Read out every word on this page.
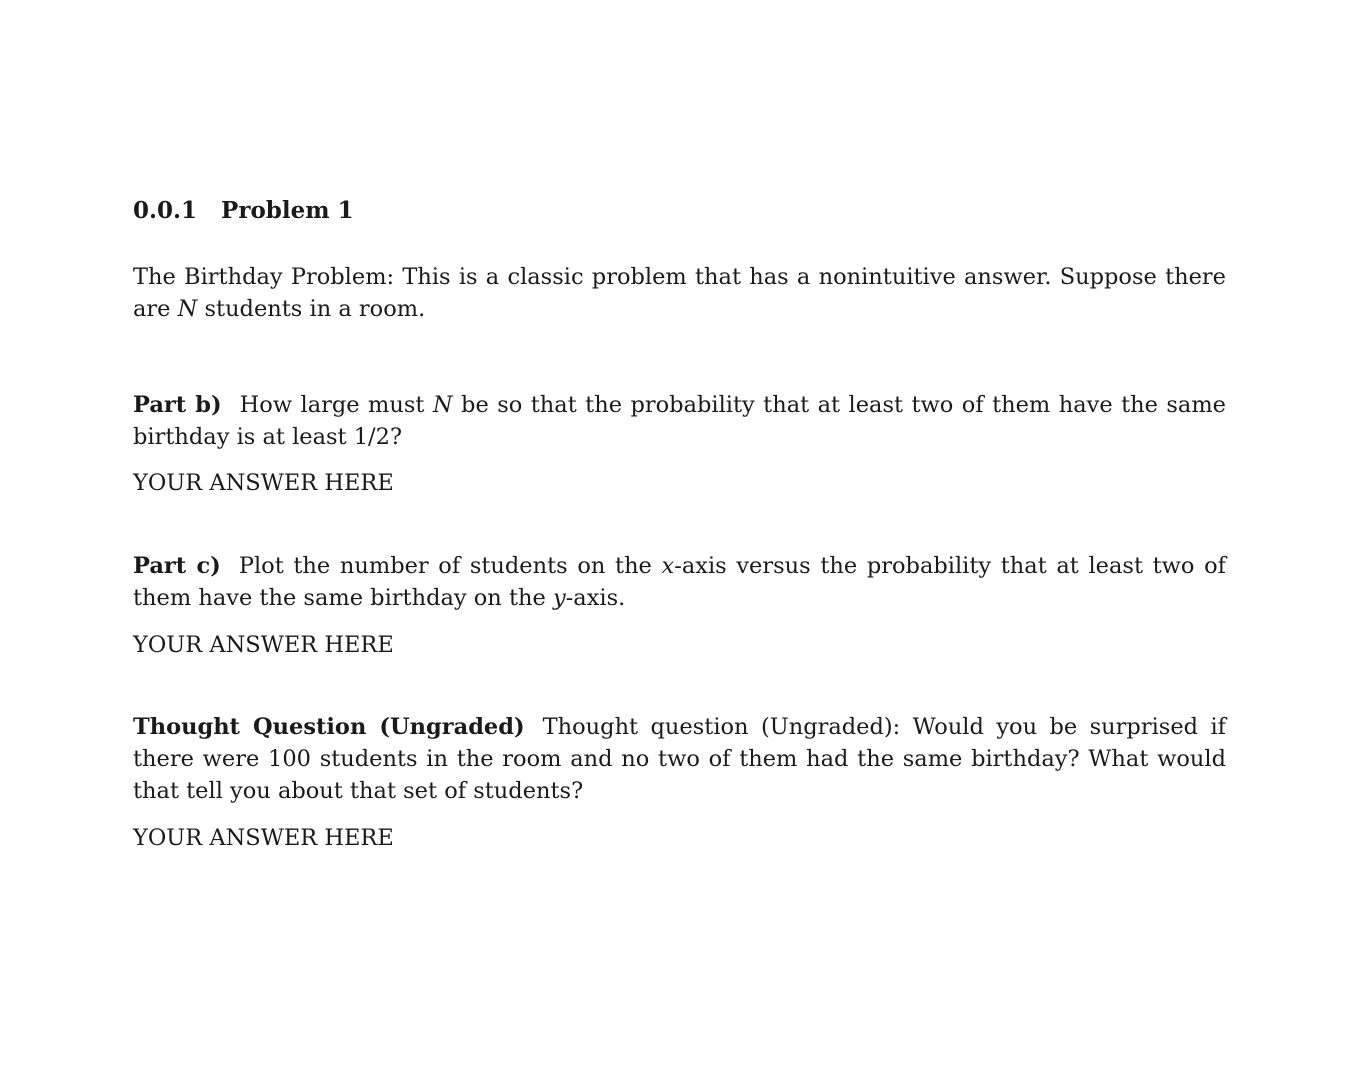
0.0.1 Problem 1
The Birthday Problem: This is a classic problem that has a nonintuitive answer. Suppose there are N students in a room.
Part b) How large must N be so that the probability that at least two of them have the same birthday is at least 1/2?
YOUR ANSWER HERE
Part c) Plot the number of students on the x-axis versus the probability that at least two of them have the same birthday on the y-axis.
YOUR ANSWER HERE
Thought Question (Ungraded) Thought question (Ungraded): Would you be surprised if there were 100 students in the room and no two of them had the same birthday? What would that tell you about that set of students?
YOUR ANSWER HERE
